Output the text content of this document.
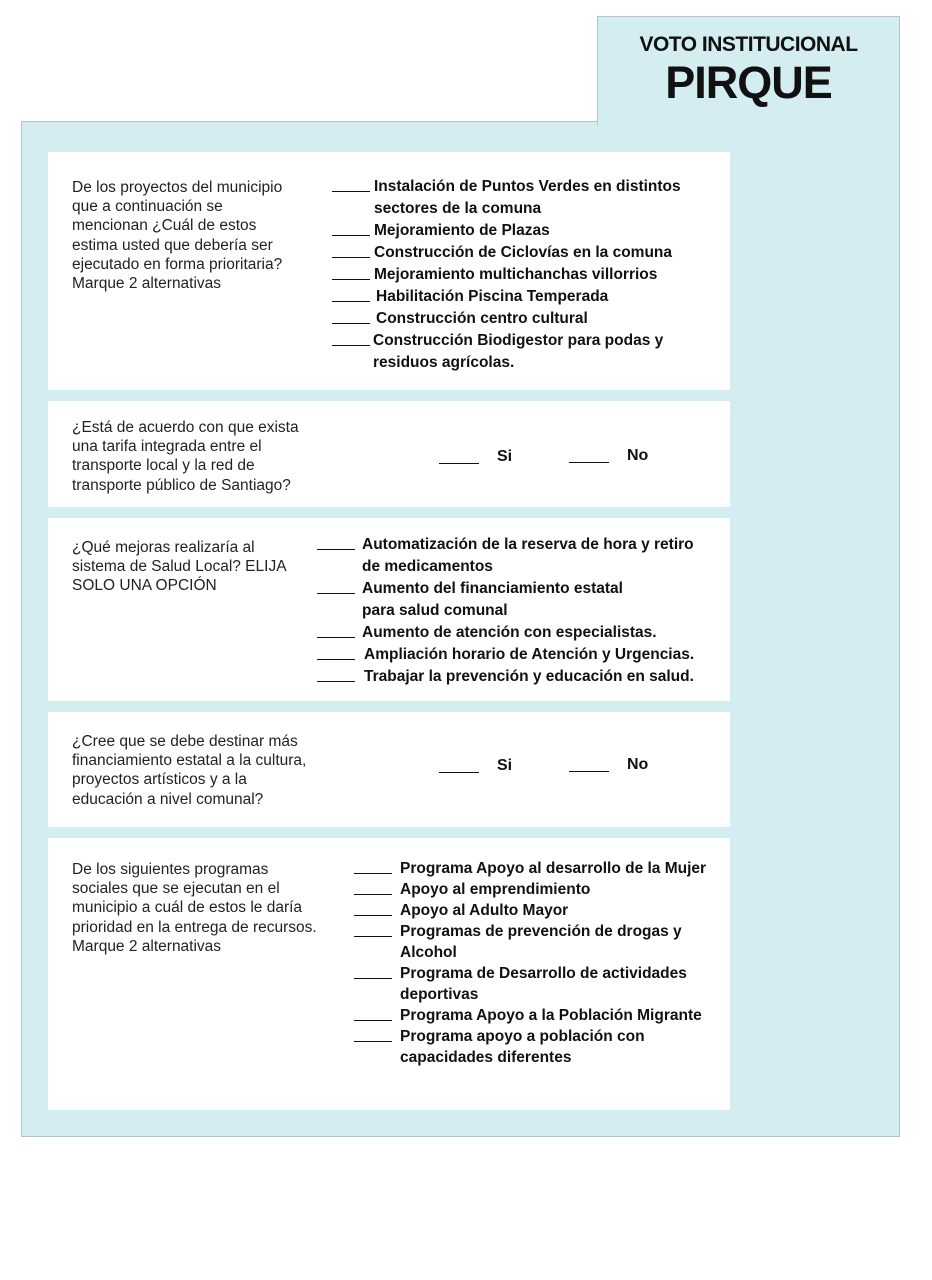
VOTO INSTITUCIONAL
PIRQUE
De los proyectos del municipio
que a continuación se
mencionan ¿Cuál de estos
estima usted que debería ser
ejecutado en forma prioritaria?
Marque 2 alternativas
Instalación de Puntos Verdes en distintos
sectores de la comuna
Mejoramiento de Plazas
Construcción de Ciclovías en la comuna
Mejoramiento multichanchas villorrios
Habilitación Piscina Temperada
Construcción centro cultural
Construcción Biodigestor para podas y
residuos agrícolas.
¿Está de acuerdo con que exista
una tarifa integrada entre el
transporte local y la red de
transporte público de Santiago?
Si	No
¿Qué mejoras realizaría al
sistema de Salud Local? ELIJA
SOLO UNA OPCIÓN
Automatización de la reserva de hora y retiro
de medicamentos
Aumento del financiamiento estatal
para salud comunal
Aumento de atención con especialistas.
Ampliación horario de Atención y Urgencias.
Trabajar la prevención y educación en salud.
¿Cree que se debe destinar más
financiamiento estatal a la cultura,
proyectos artísticos y a la
educación a nivel comunal?
Si	No
De los siguientes programas
sociales que se ejecutan en el
municipio a cuál de estos le daría
prioridad en la entrega de recursos.
Marque 2 alternativas
Programa Apoyo al desarrollo de la Mujer
Apoyo al emprendimiento
Apoyo al Adulto Mayor
Programas de prevención de drogas y
Alcohol
Programa de Desarrollo de actividades
deportivas
Programa Apoyo a la Población Migrante
Programa apoyo a población con
capacidades diferentes
